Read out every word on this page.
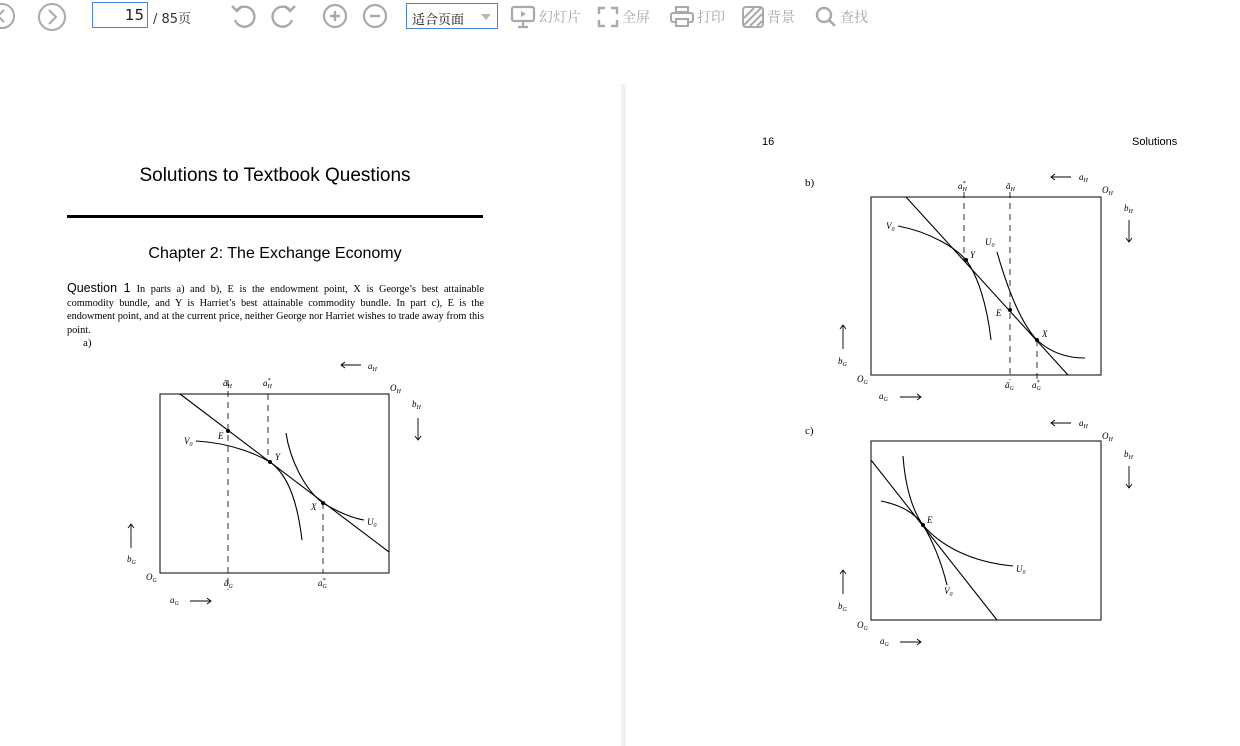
15 / 85页	适合页面	幻灯片	全屏	打印	背景	查找
Solutions to Textbook Questions
Chapter 2: The Exchange Economy
Question 1 In parts a) and b), E is the endowment point, X is George’s best attainable commodity bundle, and Y is Harriet’s best attainable commodity bundle. In part c), E is the endowment point, and at the current price, neither George nor Harriet wishes to trade away from this point.
a)
$ā_H$	a* H
$a_H$
$O_H$
$b_H$
E
$V_0$
Y
X
$U_0$
$b_G$
$O_G$	$ā_G$	a* G
$a_G$
16	Solutions
b)
c)
a* H	$ā_H$
$a_H$
$O_H$
$b_H$
$V_0$
$U_0$
Y
E
X
$b_G$
$O_G$
$a_G$
$ā_G$ a* G
$a_H$
$O_H$
$b_H$
E
$U_0$
$V_0$
$b_G$
$O_G$
$a_G$
